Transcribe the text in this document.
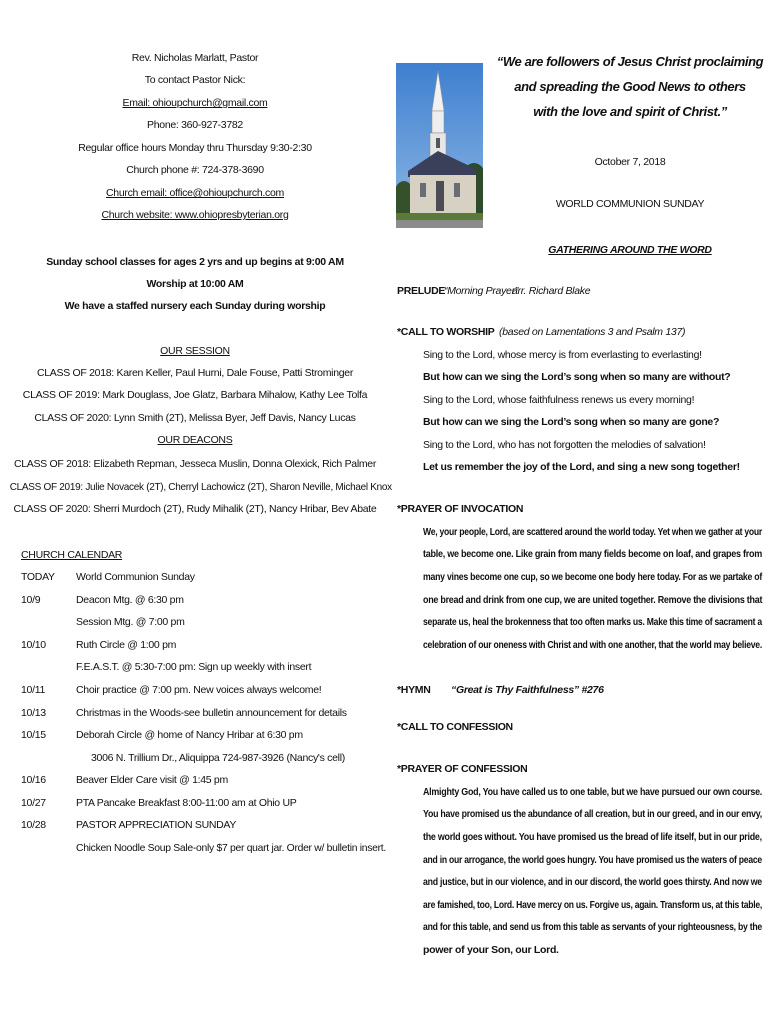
Rev. Nicholas Marlatt, Pastor
To contact Pastor Nick:
Email: ohioupchurch@gmail.com
Phone: 360-927-3782
Regular office hours Monday thru Thursday 9:30-2:30
Church phone #: 724-378-3690
Church email: office@ohioupchurch.com
Church website: www.ohiopresbyterian.org
Sunday school classes for ages 2 yrs and up begins at 9:00 AM
Worship at 10:00 AM
We have a staffed nursery each Sunday during worship
OUR SESSION
CLASS OF 2018: Karen Keller, Paul Hurni, Dale Fouse, Patti Strominger
CLASS OF 2019: Mark Douglass, Joe Glatz, Barbara Mihalow, Kathy Lee Tolfa
CLASS OF 2020: Lynn Smith (2T), Melissa Byer, Jeff Davis, Nancy Lucas
OUR DEACONS
CLASS OF 2018: Elizabeth Repman, Jesseca Muslin, Donna Olexick, Rich Palmer
CLASS OF 2019: Julie Novacek (2T), Cherryl Lachowicz (2T), Sharon Neville, Michael Knox
CLASS OF 2020: Sherri Murdoch (2T), Rudy Mihalik (2T), Nancy Hribar, Bev Abate
CHURCH CALENDAR
TODAY World Communion Sunday
10/9	Deacon Mtg. @ 6:30 pm
Session Mtg. @ 7:00 pm
10/10	Ruth Circle @ 1:00 pm
F.E.A.S.T. @ 5:30-7:00 pm: Sign up weekly with insert
10/11	Choir practice @ 7:00 pm. New voices always welcome!
10/13	Christmas in the Woods-see bulletin announcement for details
10/15	Deborah Circle @ home of Nancy Hribar at 6:30 pm
3006 N. Trillium Dr., Aliquippa 724-987-3926 (Nancy's cell)
10/16	Beaver Elder Care visit @ 1:45 pm
10/27	PTA Pancake Breakfast 8:00-11:00 am at Ohio UP
10/28	PASTOR APPRECIATION SUNDAY
Chicken Noodle Soup Sale-only $7 per quart jar. Order w/ bulletin insert.
“We are followers of Jesus Christ proclaiming
and spreading the Good News to others
with the love and spirit of Christ.”
October 7, 2018
WORLD COMMUNION SUNDAY
GATHERING AROUND THE WORD
PRELUDE
“Morning Prayer”
arr. Richard Blake
*CALL TO WORSHIP (based on Lamentations 3 and Psalm 137)
Sing to the Lord, whose mercy is from everlasting to everlasting!
But how can we sing the Lord’s song when so many are without?
Sing to the Lord, whose faithfulness renews us every morning!
But how can we sing the Lord’s song when so many are gone?
Sing to the Lord, who has not forgotten the melodies of salvation!
Let us remember the joy of the Lord, and sing a new song together!
*PRAYER OF INVOCATION
We, your people, Lord, are scattered around the world today. Yet when we gather at your
table, we become one. Like grain from many fields become on loaf, and grapes from
many vines become one cup, so we become one body here today. For as we partake of
one bread and drink from one cup, we are united together. Remove the divisions that
separate us, heal the brokenness that too often marks us. Make this time of sacrament a
celebration of our oneness with Christ and with one another, that the world may believe.
*HYMN “Great is Thy Faithfulness” #276
*CALL TO CONFESSION
*PRAYER OF CONFESSION
Almighty God, You have called us to one table, but we have pursued our own course.
You have promised us the abundance of all creation, but in our greed, and in our envy,
the world goes without. You have promised us the bread of life itself, but in our pride,
and in our arrogance, the world goes hungry. You have promised us the waters of peace
and justice, but in our violence, and in our discord, the world goes thirsty. And now we
are famished, too, Lord. Have mercy on us. Forgive us, again. Transform us, at this table,
and for this table, and send us from this table as servants of your righteousness, by the
power of your Son, our Lord.
